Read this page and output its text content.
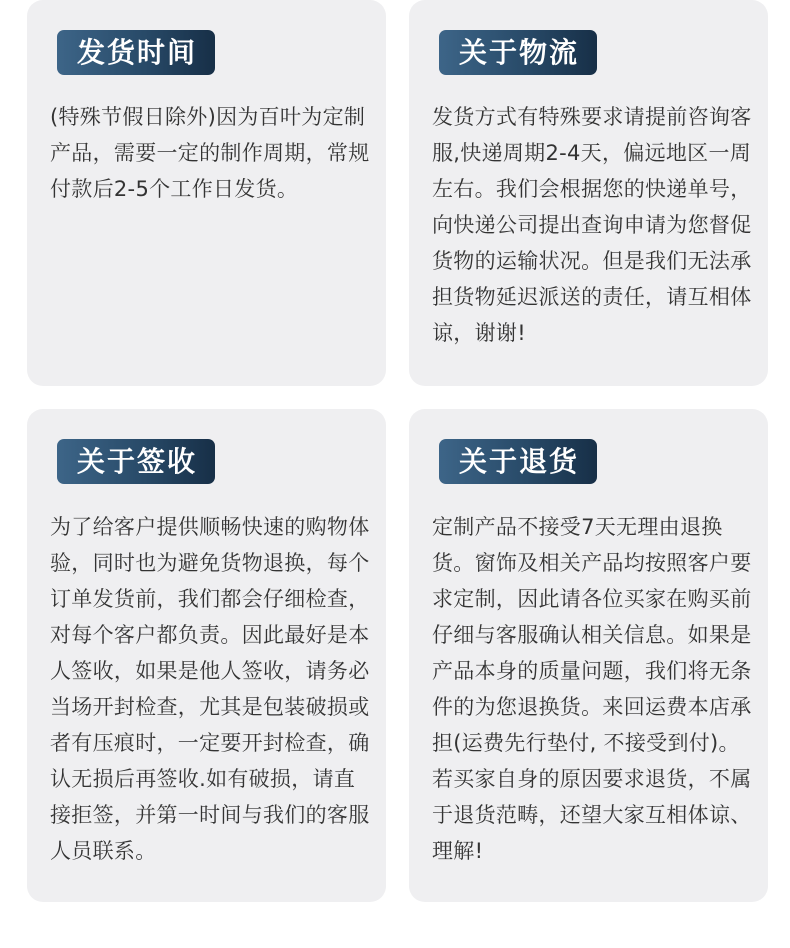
发货时间
(特殊节假日除外)因为百叶为定制产品，需要一定的制作周期，常规付款后2-5个工作日发货。
关于物流
发货方式有特殊要求请提前咨询客服,快递周期2-4天，偏远地区一周左右。我们会根据您的快递单号，向快递公司提出查询申请为您督促货物的运输状况。但是我们无法承担货物延迟派送的责任，请互相体谅，谢谢!
关于签收
为了给客户提供顺畅快速的购物体验，同时也为避免货物退换，每个订单发货前，我们都会仔细检查，对每个客户都负责。因此最好是本人签收，如果是他人签收，请务必当场开封检查，尤其是包装破损或者有压痕时，一定要开封检查，确认无损后再签收.如有破损，请直接拒签，并第一时间与我们的客服人员联系。
关于退货
定制产品不接受7天无理由退换货。窗饰及相关产品均按照客户要求定制，因此请各位买家在购买前仔细与客服确认相关信息。如果是产品本身的质量问题，我们将无条件的为您退换货。来回运费本店承担(运费先行垫付, 不接受到付)。若买家自身的原因要求退货，不属于退货范畴，还望大家互相体谅、理解!
